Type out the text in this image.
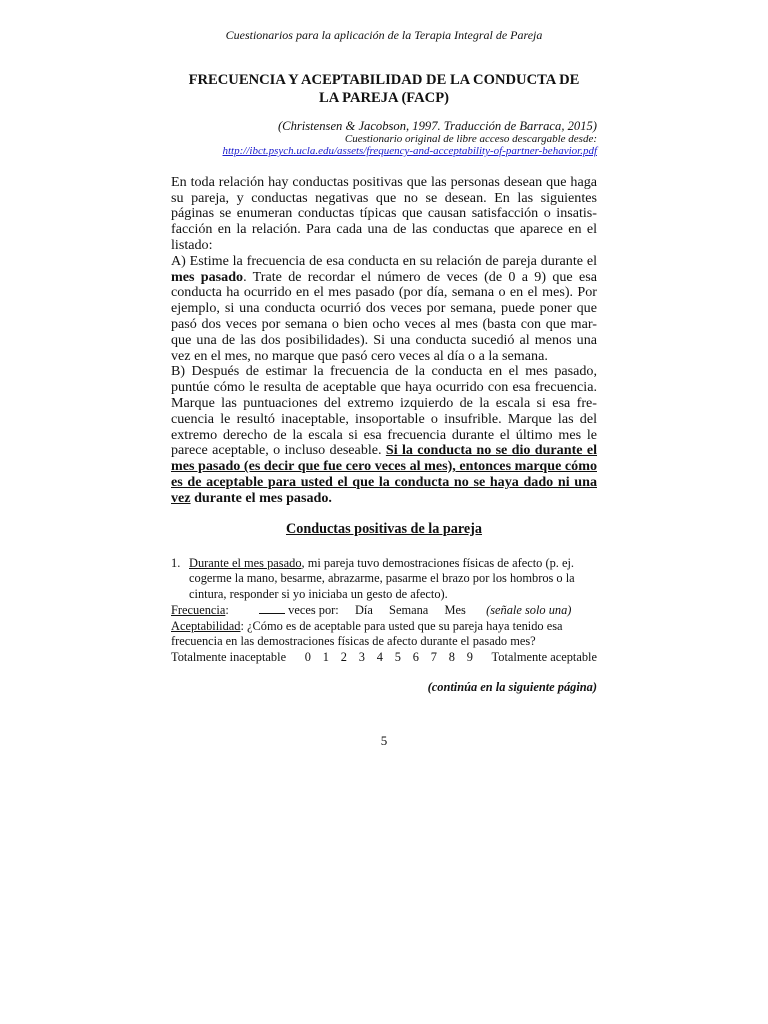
Cuestionarios para la aplicación de la Terapia Integral de Pareja

FRECUENCIA Y ACEPTABILIDAD DE LA CONDUCTA DE
LA PAREJA (FACP)
(Christensen & Jacobson, 1997. Traducción de Barraca, 2015)
Cuestionario original de libre acceso descargable desde:
http://ibct.psych.ucla.edu/assets/frequency-and-acceptability-of-partner-behavior.pdf

En toda relación hay conductas positivas que las personas desean que haga su pareja, y conductas negativas que no se desean. En las siguientes páginas se enumeran conductas típicas que causan satisfacción o insatis-facción en la relación. Para cada una de las conductas que aparece en el listado:

A) Estime la frecuencia de esa conducta en su relación de pareja durante el mes pasado. Trate de recordar el número de veces (de 0 a 9) que esa conducta ha ocurrido en el mes pasado (por día, semana o en el mes). Por ejemplo, si una conducta ocurrió dos veces por semana, puede poner que pasó dos veces por semana o bien ocho veces al mes (basta con que mar-que una de las dos posibilidades). Si una conducta sucedió al menos una vez en el mes, no marque que pasó cero veces al día o a la semana.

B) Después de estimar la frecuencia de la conducta en el mes pasado, puntúe cómo le resulta de aceptable que haya ocurrido con esa frecuencia. Marque las puntuaciones del extremo izquierdo de la escala si esa fre-cuencia le resultó inaceptable, insoportable o insufrible. Marque las del extremo derecho de la escala si esa frecuencia durante el último mes le parece aceptable, o incluso deseable. Si la conducta no se dio durante el mes pasado (es decir que fue cero veces al mes), entonces marque cómo es de aceptable para usted el que la conducta no se haya dado ni una vez durante el mes pasado.

Conductas positivas de la pareja
1. Durante el mes pasado, mi pareja tuvo demostraciones físicas de afecto (p. ej. cogerme la mano, besarme, abrazarme, pasarme el brazo por los hombros o la cintura, responder si yo iniciaba un gesto de afecto).
Frecuencia:	veces por: Día Semana Mes (señale solo una)
Aceptabilidad: ¿Cómo es de aceptable para usted que su pareja haya tenido esa frecuencia en las demostraciones físicas de afecto durante el pasado mes?
Totalmente inaceptable	0 1 2 3 4 5 6 7 8 9	Totalmente aceptable
(continúa en la siguiente página)
5
